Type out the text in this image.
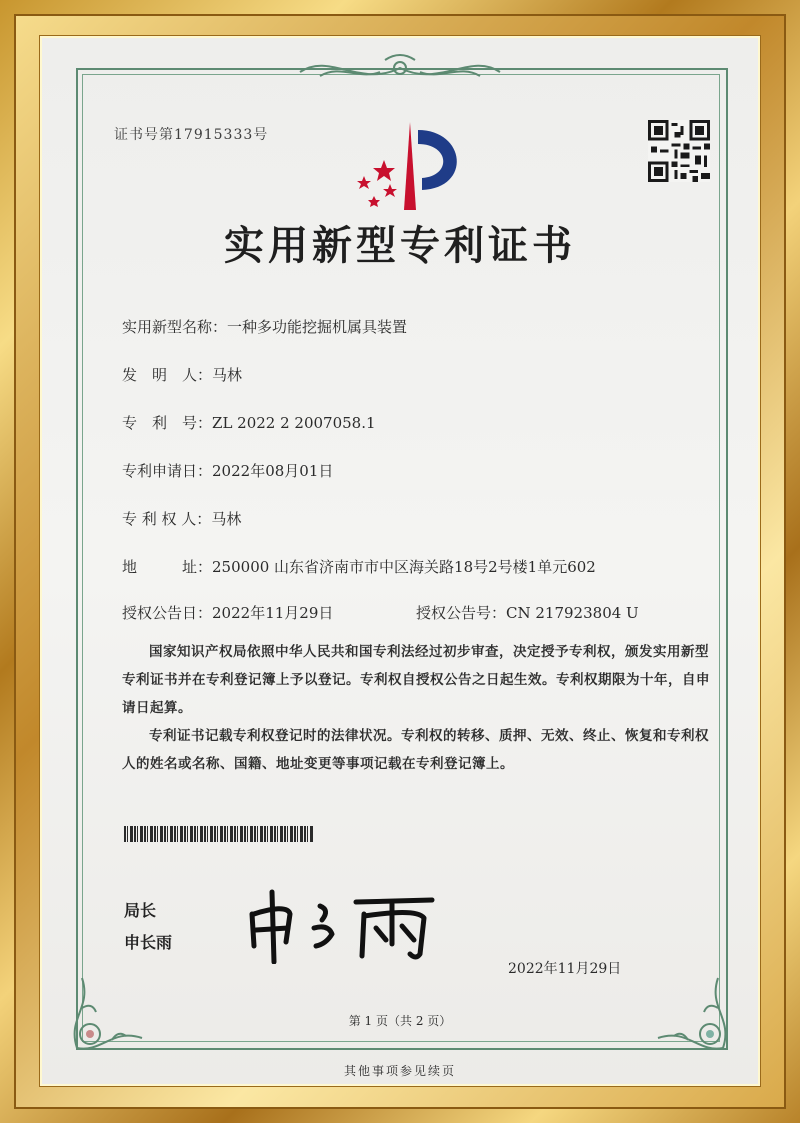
证书号第17915333号
实用新型专利证书
实用新型名称：一种多功能挖掘机属具装置
发　明　人：马林
专　利　号：ZL 2022 2 2007058.1
专利申请日：2022年08月01日
专 利 权 人：马林
地　　　址：250000 山东省济南市市中区海关路18号2号楼1单元602
授权公告日：2022年11月29日	授权公告号：CN 217923804 U
国家知识产权局依照中华人民共和国专利法经过初步审查，决定授予专利权，颁发实用新型专利证书并在专利登记簿上予以登记。专利权自授权公告之日起生效。专利权期限为十年，自申请日起算。
专利证书记载专利权登记时的法律状况。专利权的转移、质押、无效、终止、恢复和专利权人的姓名或名称、国籍、地址变更等事项记载在专利登记簿上。
局长
申长雨
2022年11月29日
第 1 页（共 2 页）
其他事项参见续页
